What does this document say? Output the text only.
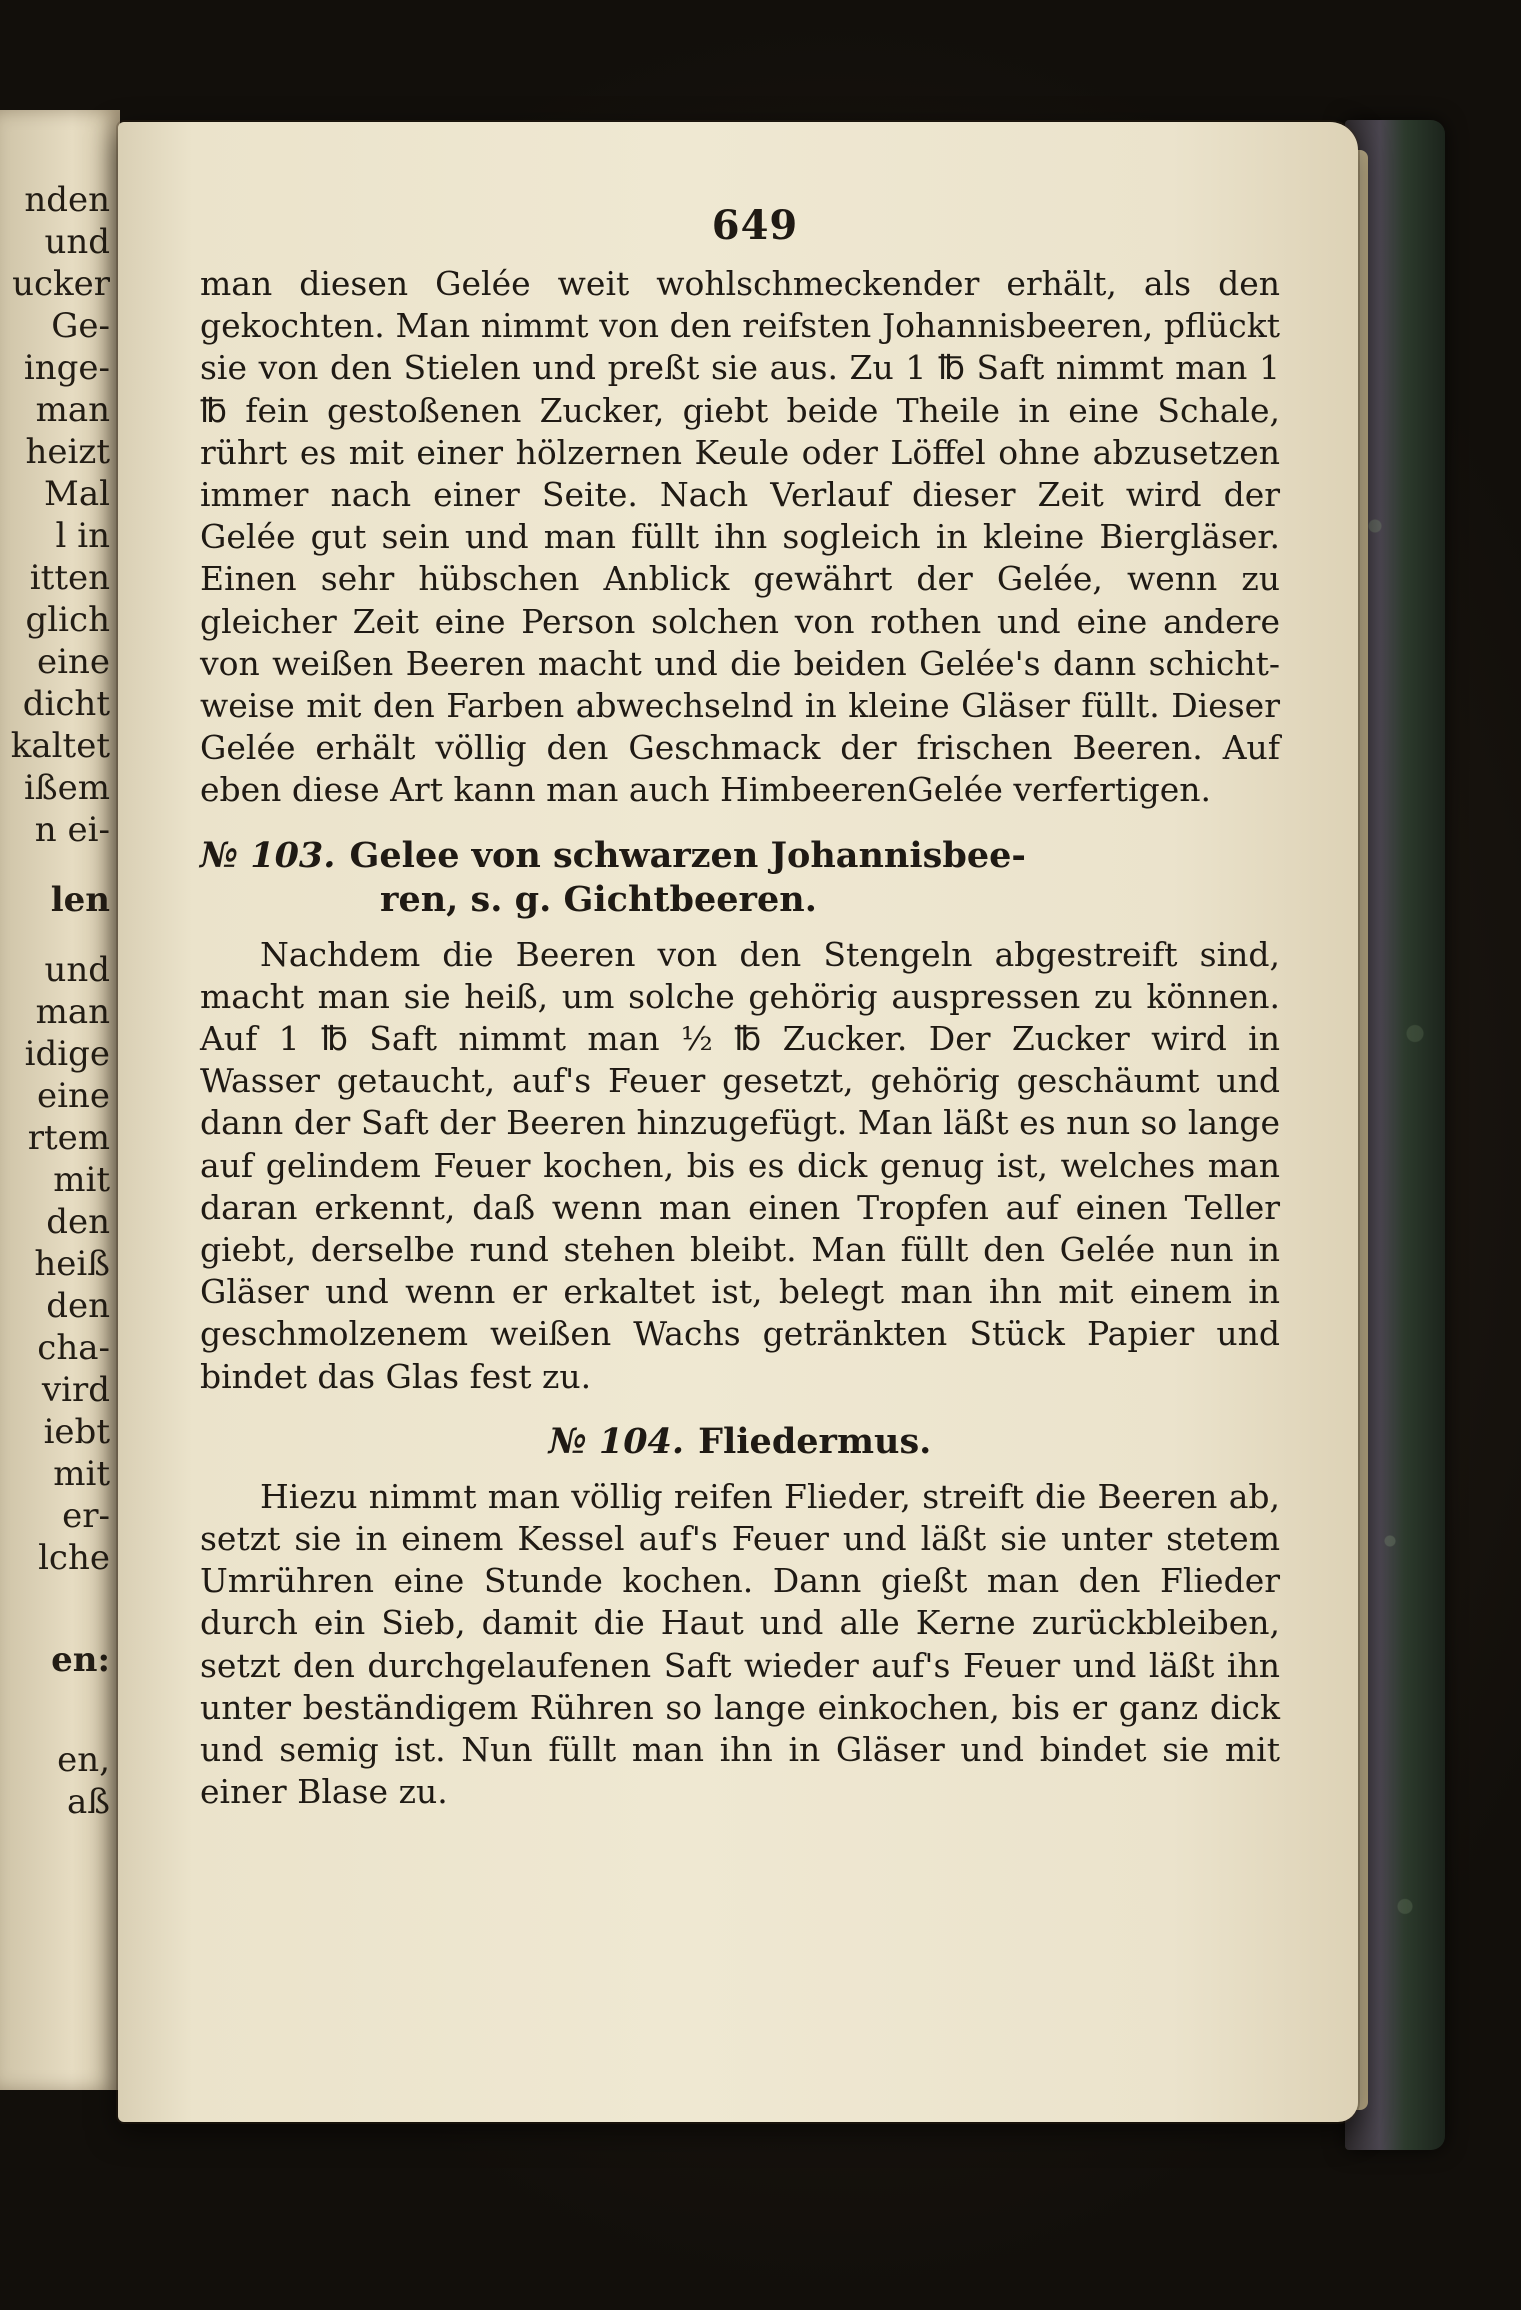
nden
und
ucker
Ge-
inge-
man
heizt
Mal
l in
itten
glich
eine
dicht
kaltet
ißem
n ei-
len
und
man
idige
eine
rtem
mit
den
heiß
den
cha-
vird
iebt
mit
er-
lche
en:
en,
aß
649

man diesen Gelée weit wohlschmeckender erhält, als den gekochten. Man nimmt von den reifsten Johannisbeeren, pflückt sie von den Stielen und preßt sie aus. Zu 1 ℔ Saft nimmt man 1 ℔ fein gestoßenen Zucker, giebt beide Theile in eine Schale, rührt es mit einer hölzernen Keule oder Löffel ohne abzusetzen immer nach einer Seite. Nach Verlauf dieser Zeit wird der Gelée gut sein und man füllt ihn sogleich in kleine Biergläser. Einen sehr hübschen Anblick gewährt der Gelée, wenn zu gleicher Zeit eine Person solchen von rothen und eine andere von weißen Beeren macht und die beiden Gelée's dann schichtweise mit den Farben abwechselnd in kleine Gläser füllt. Dieser Gelée erhält völlig den Geschmack der frischen Beeren. Auf eben diese Art kann man auch HimbeerenGelée verfertigen.

№ 103. Gelee von schwarzen Johannisbee-
ren, s. g. Gichtbeeren.

Nachdem die Beeren von den Stengeln abgestreift sind, macht man sie heiß, um solche gehörig auspressen zu können. Auf 1 ℔ Saft nimmt man ½ ℔ Zucker. Der Zucker wird in Wasser getaucht, auf's Feuer gesetzt, gehörig geschäumt und dann der Saft der Beeren hinzugefügt. Man läßt es nun so lange auf gelindem Feuer kochen, bis es dick genug ist, welches man daran erkennt, daß wenn man einen Tropfen auf einen Teller giebt, derselbe rund stehen bleibt. Man füllt den Gelée nun in Gläser und wenn er erkaltet ist, belegt man ihn mit einem in geschmolzenem weißen Wachs getränkten Stück Papier und bindet das Glas fest zu.

№ 104. Fliedermus.

Hiezu nimmt man völlig reifen Flieder, streift die Beeren ab, setzt sie in einem Kessel auf's Feuer und läßt sie unter stetem Umrühren eine Stunde kochen. Dann gießt man den Flieder durch ein Sieb, damit die Haut und alle Kerne zurückbleiben, setzt den durchgelaufenen Saft wieder auf's Feuer und läßt ihn unter beständigem Rühren so lange einkochen, bis er ganz dick und semig ist. Nun füllt man ihn in Gläser und bindet sie mit einer Blase zu.
